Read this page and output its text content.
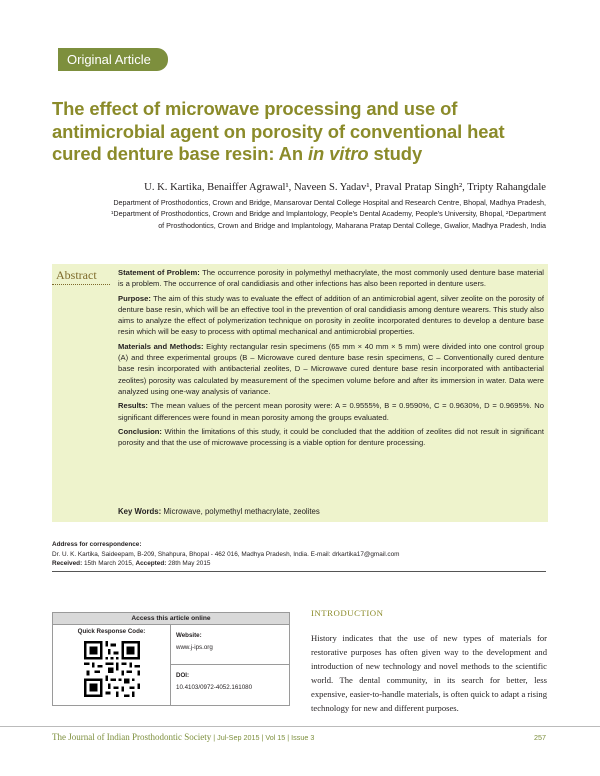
Original Article
The effect of microwave processing and use of antimicrobial agent on porosity of conventional heat cured denture base resin: An in vitro study
U. K. Kartika, Benaiffer Agrawal¹, Naveen S. Yadav¹, Praval Pratap Singh², Tripty Rahangdale
Department of Prosthodontics, Crown and Bridge, Mansarovar Dental College Hospital and Research Centre, Bhopal, Madhya Pradesh,
¹Department of Prosthodontics, Crown and Bridge and Implantology, People's Dental Academy, People's University, Bhopal, ²Department
of Prosthodontics, Crown and Bridge and Implantology, Maharana Pratap Dental College, Gwalior, Madhya Pradesh, India
Abstract	Statement of Problem: The occurrence porosity in polymethyl methacrylate, the most commonly used denture base material is a problem. The occurrence of oral candidiasis and other infections has also been reported in denture users.

Purpose: The aim of this study was to evaluate the effect of addition of an antimicrobial agent, silver zeolite on the porosity of denture base resin, which will be an effective tool in the prevention of oral candidiasis among denture wearers. This study also aims to analyze the effect of polymerization technique on porosity in zeolite incorporated dentures to develop a denture base resin which will be easy to process with optimal mechanical and antimicrobial properties.

Materials and Methods: Eighty rectangular resin specimens (65 mm × 40 mm × 5 mm) were divided into one control group (A) and three experimental groups (B – Microwave cured denture base resin specimens, C – Conventionally cured denture base resin incorporated with antibacterial zeolites, D – Microwave cured denture base resin incorporated with antibacterial zeolites) porosity was calculated by measurement of the specimen volume before and after its immersion in water. Data were analyzed using one-way analysis of variance.

Results: The mean values of the percent mean porosity were: A = 0.9555%, B = 0.9590%, C = 0.9630%, D = 0.9695%. No significant differences were found in mean porosity among the groups evaluated.

Conclusion: Within the limitations of this study, it could be concluded that the addition of zeolites did not result in significant porosity and that the use of microwave processing is a viable option for denture processing.

Key Words: Microwave, polymethyl methacrylate, zeolites
Address for correspondence:
Dr. U. K. Kartika, Saideepam, B-209, Shahpura, Bhopal - 462 016, Madhya Pradesh, India. E-mail: drkartika17@gmail.com
Received: 15th March 2015, Accepted: 28th May 2015
Access this article online
Quick Response Code:
Website:
www.j-ips.org
DOI:
10.4103/0972-4052.161080
INTRODUCTION
History indicates that the use of new types of materials for restorative purposes has often given way to the development and introduction of new technology and novel methods to the scientific world. The dental community, in its search for better, less expensive, easier-to-handle materials, is often quick to adapt a rising technology for new and different purposes.
The Journal of Indian Prosthodontic Society | Jul-Sep 2015 | Vol 15 | Issue 3	257
